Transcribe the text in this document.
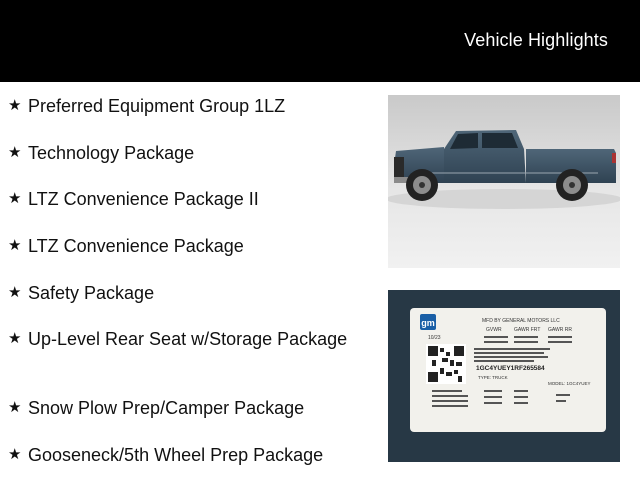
Vehicle Highlights
★ Preferred Equipment Group 1LZ
★ Technology Package
★ LTZ Convenience Package II
★ LTZ Convenience Package
★ Safety Package
★ Up-Level Rear Seat w/Storage Package
★ Snow Plow Prep/Camper Package
★ Gooseneck/5th Wheel Prep Package
gm	MFD BY GENERAL MOTORS LLC
10/23
GVWR GAWR FRT GAWR RR
1GC4YUEY1RF265584
TYPE: TRUCK
MODEL: 1GC4YUEY
